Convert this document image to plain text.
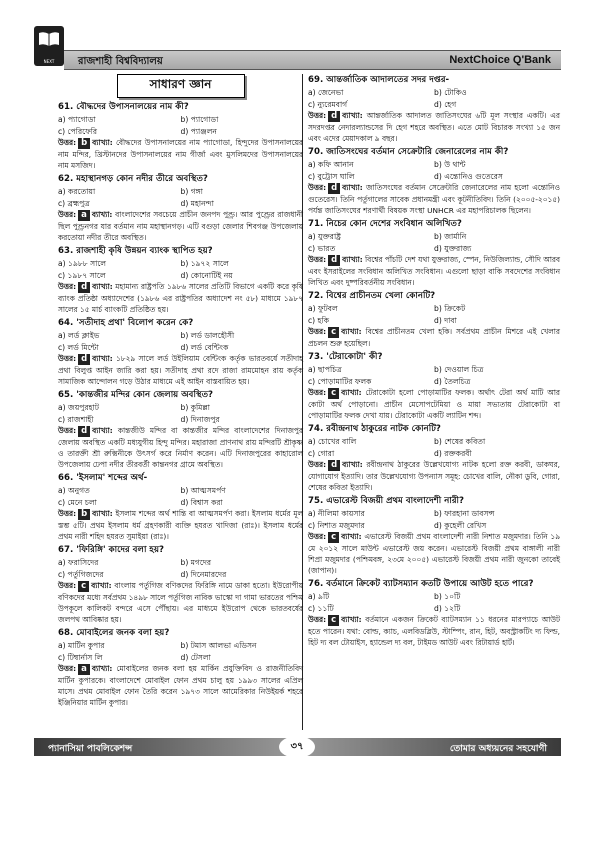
NEXT	রাজশাহী বিশ্ববিদ্যালয়	NextChoice Q'Bank
সাধারণ জ্ঞান
61. বৌদ্ধদের উপাসনালয়ের নাম কী?
a) প্যাগোডা	b) প্যাগোডা
c) পেরিফেরি	d) প্যাঞ্জলন
উত্তর: b ব্যাখ্যা: বৌদ্ধদের উপাসনালয়ের নাম প্যাগোডা, হিন্দুদের উপাসনালয়ের নাম মন্দির, খ্রিস্টানদের উপাসনালয়ের নাম গীর্জা এবং মুসলিমদের উপাসনালয়ের নাম মসজিদ।
62. মহাস্থানগড় কোন নদীর তীরে অবস্থিত?
a) করতোয়া	b) গঙ্গা
c) ব্রহ্মপুত্র	d) মহানন্দা
উত্তর: a ব্যাখ্যা: বাংলাদেশের সবচেয়ে প্রাচীন জনপদ পুণ্ড্র। আর পুণ্ড্রের রাজধানী ছিল পুণ্ড্রনগর যার বর্তমান নাম মহাস্থানগড়। এটি বগুড়া জেলার শিবগঞ্জ উপজেলায় করতোয়া নদীর তীরে অবস্থিত।
63. রাজশাহী কৃষি উন্নয়ন ব্যাংক স্থাপিত হয়?
a) ১৯৮৮ সালে	b) ১৯৭২ সালে
c) ১৯৮৭ সালে	d) কোনোটিই নয়
উত্তর: d ব্যাখ্যা: মহামান্য রাষ্ট্রপতি ১৯৮৬ সালের প্রতিটি বিভাগে একটি করে কৃষি ব্যাংক প্রতিষ্ঠা অধ্যাদেশের (১৯৮৬ এর রাষ্ট্রপতির অধ্যাদেশ নং ৫৮) মাধ্যমে ১৯৮৭ সালের ১৫ মার্চ ব্যাংকটি প্রতিষ্ঠিত হয়।
64. 'সতীদাহ প্রথা' বিলোপ করেন কে?
a) লর্ড ক্লাইভ	b) লর্ড ডালহৌসী
c) লর্ড মিন্টো	d) লর্ড বেন্টিংক
উত্তর: d ব্যাখ্যা: ১৮২৯ সালে লর্ড উইলিয়াম বেন্টিংক কর্তৃক ভারতবর্ষে সতীদাহ প্রথা বিলুপ্ত আইন জারি করা হয়। সতীদাহ প্রথা রদে রাজা রামমোহন রায় কর্তৃক সামাজিক আন্দোলন গড়ে উঠার মাধ্যমে এই আইন বাস্তবায়িত হয়।
65. 'কান্তজীর মন্দির কোন জেলায় অবস্থিত?
a) জয়পুরহাট	b) কুমিল্লা
c) রাজশাহী	d) দিনাজপুর
উত্তর: d ব্যাখ্যা: কান্তজীউ মন্দির বা কান্তজীর মন্দির বাংলাদেশের দিনাজপুর জেলায় অবস্থিত একটি মধ্যযুগীয় হিন্দু মন্দির। মহারাজা প্রাণনাথ রায় মন্দিরটি শ্রীকৃষ্ণ ও তারক্তী শ্রী রুক্মিনীকে উৎসর্গ করে নির্মাণ করেন। এটি দিনাজপুরের কাহারোল উপজেলায় ঢেপা নদীর তীরবর্তী কান্তনগর গ্রামে অবস্থিত।
66. 'ইসলাম' শব্দের অর্থ-
a) অনুগত	b) আত্মসমর্পণ
c) মেনে চলা	d) বিশ্বাস করা
উত্তর: b ব্যাখ্যা: ইসলাম শব্দের অর্থ শান্তি বা আত্মসমর্পণ করা। ইসলাম ধর্মের মূল স্তম্ভ ৫টি। প্রথম ইসলাম ধর্ম গ্রহণকারী ব্যক্তি হযরত খাদিজা (রাঃ)। ইসলাম ধর্মের প্রথম নারী শহিদ হযরত সুমাইয়া (রাঃ)।
67. 'ফিরিঙ্গি' কাদের বলা হয়?
a) ফরাসিদের	b) মগদের
c) পর্তুগিজদের	d) দিনেমারদের
উত্তর: c ব্যাখ্যা: বাংলায় পর্তুগিজ বণিকদের ফিরিঙ্গি নামে ডাকা হতো। ইউরোপীয় বণিকদের মধ্যে সর্বপ্রথম ১৪৯৮ সালে পর্তুগিজ নাবিক ভাস্কো দা গামা ভারতের পশ্চিম উপকূলে কালিকট বন্দরে এসে পৌঁছায়। এর মাধ্যমে ইউরোপ থেকে ভারতবর্ষের জলপথ আবিষ্কার হয়।
68. মোবাইলের জনক বলা হয়?
a) মার্টিন কুপার	b) টমাস আলভা এডিসন
c) টিম্বার্নাস লি	d) টেসলা
উত্তর: a ব্যাখ্যা: মোবাইলের জনক বলা হয় মার্কিন প্রযুক্তিবিদ ও রাজনীতিবিদ মার্টিন কুপারকে। বাংলাদেশে মোবাইল ফোন প্রথম চালু হয় ১৯৯৩ সালের এপ্রিল মাসে। প্রথম মোবাইল ফোন তৈরি করেন ১৯৭৩ সালে আমেরিকার নিউইয়র্ক শহরে ইঞ্জিনিয়ার মার্টিন কুপার।
69. আন্তর্জাতিক আদালতের সদর দপ্তর-
a) জেনেভা	b) টোকিও
c) ন্যুরেমবার্গ	d) হেগ
উত্তর: d ব্যাখ্যা: আন্তর্জাতিক আদালত জাতিসংঘের ৬টি মূল সংস্থার একটি। এর সদরদপ্তর নেদারল্যান্ডসের দি হেগ শহরে অবস্থিত। এতে মোট বিচারক সংখ্যা ১৫ জন এবং এদের মেয়াদকাল ৯ বছর।
70. জাতিসংঘের বর্তমান সেক্রেটারি জেনারেলের নাম কী?
a) কফি আনান	b) উ থান্ট
c) বুট্রোস ঘালি	d) এন্তোনিও গুতেরেস
উত্তর: d ব্যাখ্যা: জাতিসংঘের বর্তমান সেক্রেটারি জেনারেলের নাম হলো এন্তোনিও গুতেরেস। তিনি পর্তুগালের সাবেক প্রধানমন্ত্রী এবং কূটনীতিবিদ। তিনি (২০০৫-২০১৫) পর্যন্ত জাতিসংঘের শরণার্থী বিষয়ক সংস্থা UNHCR এর মহাপরিচালক ছিলেন।
71. নিচের কোন দেশের সংবিধান অলিখিত?
a) যুক্তরাষ্ট্র	b) জার্মানি
c) ভারত	d) যুক্তরাজ্য
উত্তর: d ব্যাখ্যা: বিশ্বের পাঁচটি দেশ যথা যুক্তরাজ্য, স্পেন, নিউজিল্যান্ড, সৌদি আরব এবং ইসরাইলের সংবিধান অলিখিত সংবিধান। এগুলো ছাড়া বাকি সবদেশের সংবিধান লিখিত এবং দুষ্পরিবর্তনীয় সংবিধান।
72. বিশ্বের প্রাচীনতম খেলা কোনটি?
a) ফুটবল	b) ক্রিকেট
c) হকি	d) দাবা
উত্তর: c ব্যাখ্যা: বিশ্বের প্রাচীনতম খেলা হকি। সর্বপ্রথম প্রাচীন মিশরে এই খেলার প্রচলন শুরু হয়েছিল।
73. 'টেরাকোটা' কী?
a) ছাপচিত্র	b) দেওয়াল চিত্র
c) পোড়ামাটির ফলক	d) তৈলচিত্র
উত্তর: c ব্যাখ্যা: টেরাকোটা হলো পোড়ামাটির ফলক। অর্থাৎ টেরা অর্থ মাটি আর কোটা অর্থ পোড়ানো। প্রাচীন মেসোপটেমিয়া ও মায়া সভ্যতায় টেরাকোটা বা পোড়ামাটির ফলক দেখা যায়। টেরাকোটা একটি ল্যাটিন শব্দ।
74. রবীন্দ্রনাথ ঠাকুরের নাটক কোনটি?
a) চোখের বালি	b) শেষের কবিতা
c) গোরা	d) রক্তকরবী
উত্তর: d ব্যাখ্যা: রবীন্দ্রনাথ ঠাকুরের উল্লেখযোগ্য নাটক হলো রক্ত করবী, ডাকঘর, যোগাযোগ ইত্যাদি। তার উল্লেখযোগ্য উপন্যাস সমূহ: চোখের বালি, নৌকা ডুবি, গোরা, শেষের কবিতা ইত্যাদি।
75. এভারেস্ট বিজয়ী প্রথম বাংলাদেশী নারী?
a) নীলিমা কায়সার	b) ফারহানা ডাবসন্স
c) নিশাত মজুমদার	d) কুহেলী রেখিস
উত্তর: c ব্যাখ্যা: এভারেস্ট বিজয়ী প্রথম বাংলাদেশী নারী নিশাত মজুমদার। তিনি ১৯ মে ২০১২ সালে মাউন্ট এভারেস্ট জয় করেন। এভারেস্ট বিজয়ী প্রথম বাঙ্গালী নারী শিপ্রা মজুমদার (পশ্চিমবঙ্গ, ২৩মে ২০০৫) এভারেস্ট বিজয়ী প্রথম নারী জুনকো তাবেই (জাপান)।
76. বর্তমানে ক্রিকেট ব্যাটসম্যান কতটি উপায়ে আউট হতে পারে?
a) ৯টি	b) ১০টি
c) ১১টি	d) ১২টি
উত্তর: c ব্যাখ্যা: বর্তমানে একজন ক্রিকেট ব্যাটসম্যান ১১ ধরনের মারপ্যাচে আউট হতে পারেন। যথা: বোল্ড, ক্যাচ, এলবিডব্লিউ, স্টাম্পিং, রান, হিট, অবস্ট্রাকটিং দ্য ফিল্ড, হিট দ্য বল টোয়াইস, হ্যান্ডেল দ্য বল, টাইমড আউট এবং রিটায়ার্ড হার্ট।
প্যানাসিয়া পাবলিকেশন্স	৩৭	তোমার অধ্যয়নের সহযোগী
